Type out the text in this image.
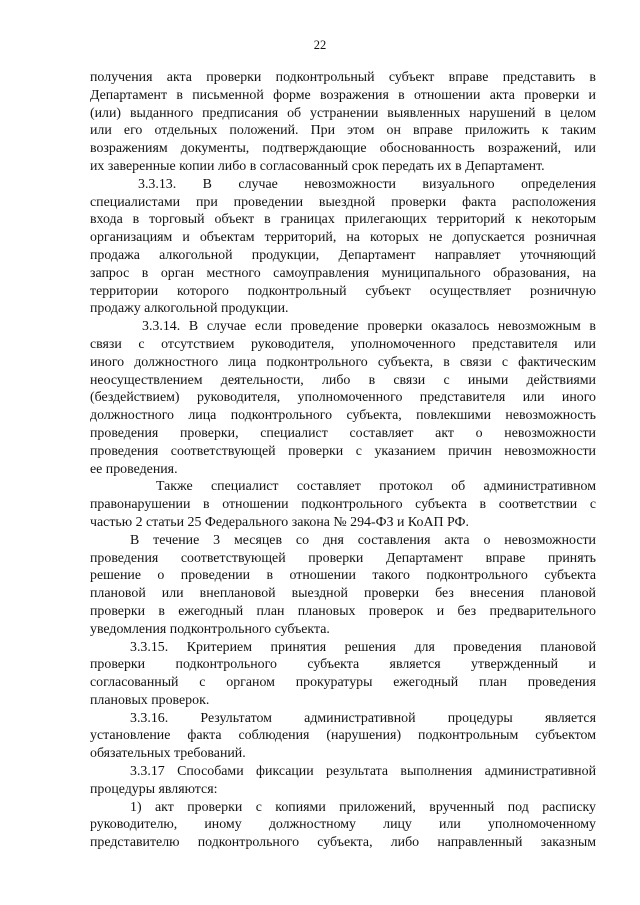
22
получения акта проверки подконтрольный субъект вправе представить в
Департамент в письменной форме возражения в отношении акта проверки и
(или) выданного предписания об устранении выявленных нарушений в целом
или его отдельных положений. При этом он вправе приложить к таким
возражениям документы, подтверждающие обоснованность возражений, или
их заверенные копии либо в согласованный срок передать их в Департамент.
3.3.13. В случае невозможности визуального определения
специалистами при проведении выездной проверки факта расположения
входа в торговый объект в границах прилегающих территорий к некоторым
организациям и объектам территорий, на которых не допускается розничная
продажа алкогольной продукции, Департамент направляет уточняющий
запрос в орган местного самоуправления муниципального образования, на
территории которого подконтрольный субъект осуществляет розничную
продажу алкогольной продукции.
3.3.14. В случае если проведение проверки оказалось невозможным в
связи с отсутствием руководителя, уполномоченного представителя или
иного должностного лица подконтрольного субъекта, в связи с фактическим
неосуществлением деятельности, либо в связи с иными действиями
(бездействием) руководителя, уполномоченного представителя или иного
должностного лица подконтрольного субъекта, повлекшими невозможность
проведения проверки, специалист составляет акт о невозможности
проведения соответствующей проверки с указанием причин невозможности
ее проведения.
Также специалист составляет протокол об административном
правонарушении в отношении подконтрольного субъекта в соответствии с
частью 2 статьи 25 Федерального закона № 294-ФЗ и КоАП РФ.
В течение 3 месяцев со дня составления акта о невозможности
проведения соответствующей проверки Департамент вправе принять
решение о проведении в отношении такого подконтрольного субъекта
плановой или внеплановой выездной проверки без внесения плановой
проверки в ежегодный план плановых проверок и без предварительного
уведомления подконтрольного субъекта.
3.3.15. Критерием принятия решения для проведения плановой
проверки подконтрольного субъекта является утвержденный и
согласованный с органом прокуратуры ежегодный план проведения
плановых проверок.
3.3.16. Результатом административной процедуры является
установление факта соблюдения (нарушения) подконтрольным субъектом
обязательных требований.
3.3.17 Способами фиксации результата выполнения административной
процедуры являются:
1) акт проверки с копиями приложений, врученный под расписку
руководителю, иному должностному лицу или уполномоченному
представителю подконтрольного субъекта, либо направленный заказным
